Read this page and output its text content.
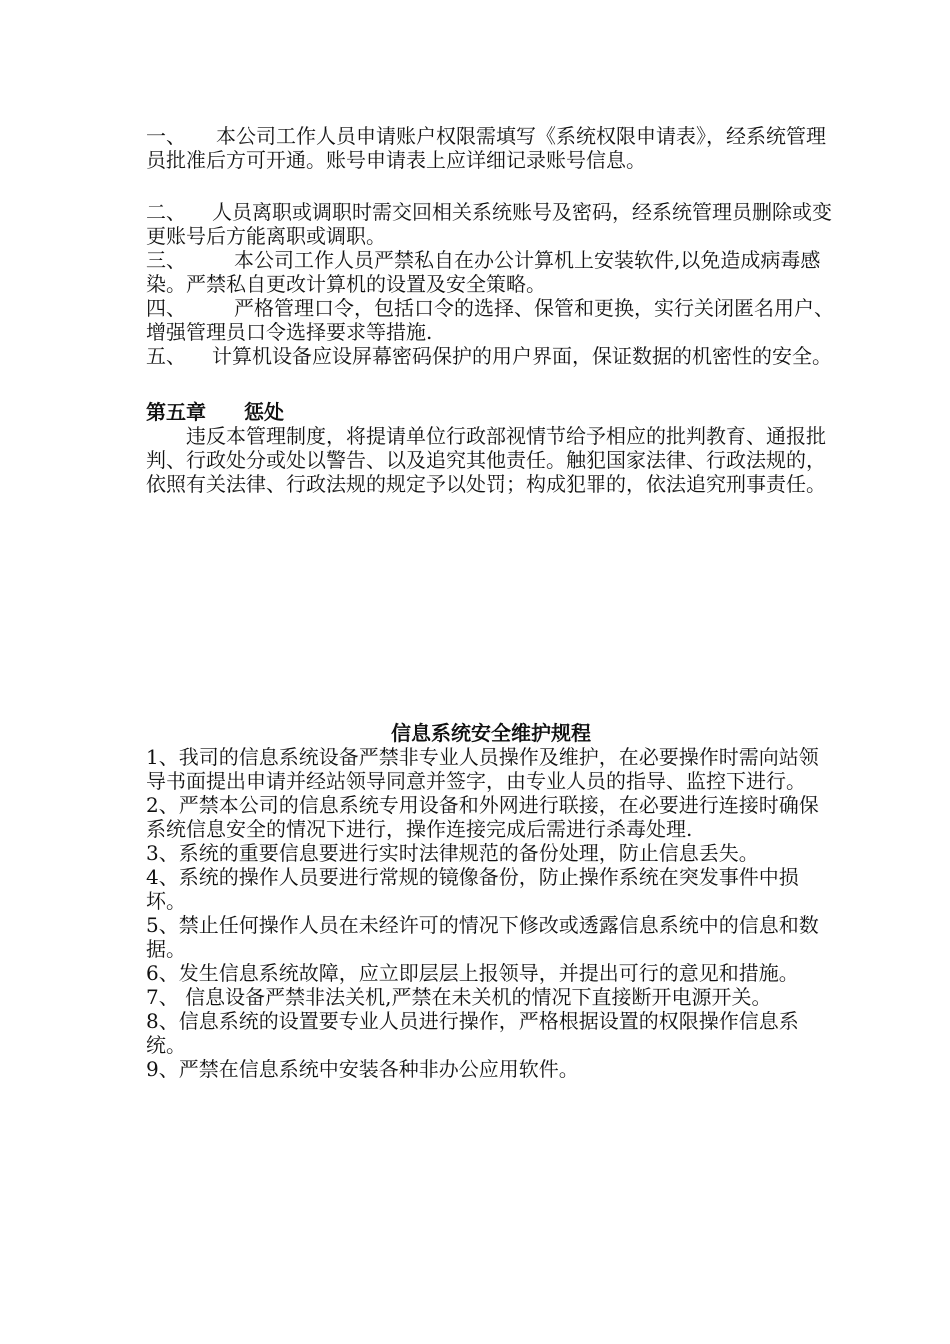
一、 本公司工作人员申请账户权限需填写《系统权限申请表》，经系统管理员批准后方可开通。账号申请表上应详细记录账号信息。

二、 人员离职或调职时需交回相关系统账号及密码，经系统管理员删除或变更账号后方能离职或调职。

三、 本公司工作人员严禁私自在办公计算机上安装软件,以免造成病毒感染。严禁私自更改计算机的设置及安全策略。

四、 严格管理口令，包括口令的选择、保管和更换，实行关闭匿名用户、增强管理员口令选择要求等措施.

五、 计算机设备应设屏幕密码保护的用户界面，保证数据的机密性的安全。

第五章 惩处

违反本管理制度，将提请单位行政部视情节给予相应的批判教育、通报批判、行政处分或处以警告、以及追究其他责任。触犯国家法律、行政法规的，依照有关法律、行政法规的规定予以处罚；构成犯罪的，依法追究刑事责任。

信息系统安全维护规程

1、我司的信息系统设备严禁非专业人员操作及维护，在必要操作时需向站领导书面提出申请并经站领导同意并签字，由专业人员的指导、监控下进行。

2、严禁本公司的信息系统专用设备和外网进行联接，在必要进行连接时确保系统信息安全的情况下进行，操作连接完成后需进行杀毒处理.

3、系统的重要信息要进行实时法律规范的备份处理，防止信息丢失。

4、系统的操作人员要进行常规的镜像备份，防止操作系统在突发事件中损坏。

5、禁止任何操作人员在未经许可的情况下修改或透露信息系统中的信息和数据。

6、发生信息系统故障，应立即层层上报领导，并提出可行的意见和措施。

7、 信息设备严禁非法关机,严禁在未关机的情况下直接断开电源开关。

8、信息系统的设置要专业人员进行操作，严格根据设置的权限操作信息系统。

9、严禁在信息系统中安装各种非办公应用软件。
